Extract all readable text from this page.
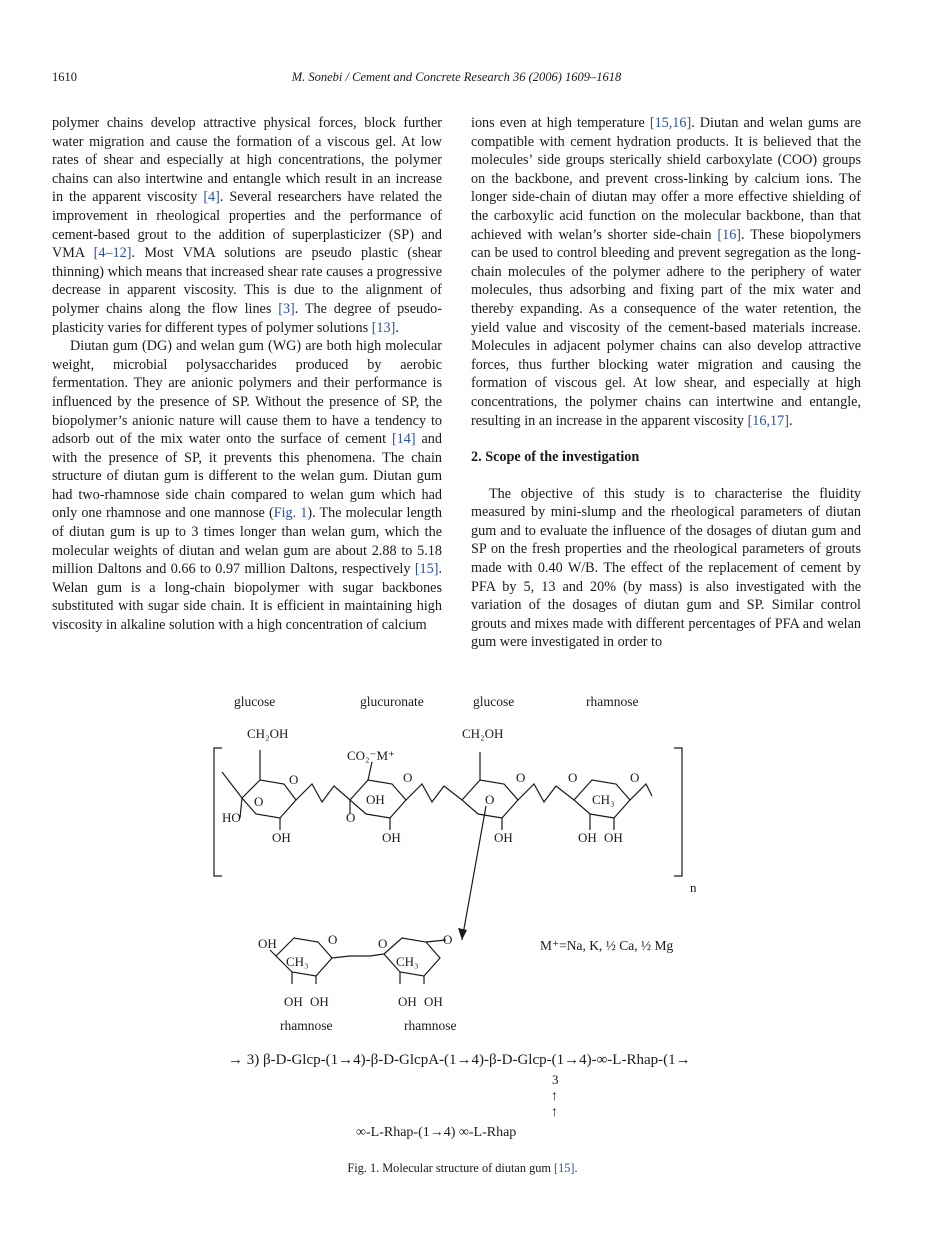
1610	M. Sonebi / Cement and Concrete Research 36 (2006) 1609–1618

polymer chains develop attractive physical forces, block further water migration and cause the formation of a viscous gel. At low rates of shear and especially at high concentrations, the polymer chains can also intertwine and entangle which result in an increase in the apparent viscosity [4]. Several researchers have related the improvement in rheological properties and the performance of cement-based grout to the addition of superplasticizer (SP) and VMA [4–12]. Most VMA solutions are pseudo plastic (shear thinning) which means that increased shear rate causes a progressive decrease in apparent viscosity. This is due to the alignment of polymer chains along the flow lines [3]. The degree of pseudo-plasticity varies for different types of polymer solutions [13].

Diutan gum (DG) and welan gum (WG) are both high molecular weight, microbial polysaccharides produced by aerobic fermentation. They are anionic polymers and their performance is influenced by the presence of SP. Without the presence of SP, the biopolymer’s anionic nature will cause them to have a tendency to adsorb out of the mix water onto the surface of cement [14] and with the presence of SP, it prevents this phenomena. The chain structure of diutan gum is different to the welan gum. Diutan gum had two-rhamnose side chain compared to welan gum which had only one rhamnose and one mannose (Fig. 1). The molecular length of diutan gum is up to 3 times longer than welan gum, which the molecular weights of diutan and welan gum are about 2.88 to 5.18 million Daltons and 0.66 to 0.97 million Daltons, respectively [15]. Welan gum is a long-chain biopolymer with sugar backbones substituted with sugar side chain. It is efficient in maintaining high viscosity in alkaline solution with a high concentration of calcium

ions even at high temperature [15,16]. Diutan and welan gums are compatible with cement hydration products. It is believed that the molecules’ side groups sterically shield carboxylate (COO) groups on the backbone, and prevent cross-linking by calcium ions. The longer side-chain of diutan may offer a more effective shielding of the carboxylic acid function on the molecular backbone, than that achieved with welan’s shorter side-chain [16]. These biopolymers can be used to control bleeding and prevent segregation as the long-chain molecules of the polymer adhere to the periphery of water molecules, thus adsorbing and fixing part of the mix water and thereby expanding. As a consequence of the water retention, the yield value and viscosity of the cement-based materials increase. Molecules in adjacent polymer chains can also develop attractive forces, thus further blocking water migration and causing the formation of viscous gel. At low shear, and especially at high concentrations, the polymer chains can intertwine and entangle, resulting in an increase in the apparent viscosity [16,17].

2. Scope of the investigation

The objective of this study is to characterise the fluidity measured by mini-slump and the rheological parameters of diutan gum and to evaluate the influence of the dosages of diutan gum and SP on the fresh properties and the rheological parameters of grouts made with 0.40 W/B. The effect of the replacement of cement by PFA by 5, 13 and 20% (by mass) is also investigated with the variation of the dosages of diutan gum and SP. Similar control grouts and mixes made with different percentages of PFA and welan gum were investigated in order to

glucose	glucuronate	glucose	rhamnose
n
CH₂OH
O
O
HO
OH
CO₂⁻M⁺
O
OH
O
OH
CH₂OH
O
O
OH
O	O
CH₃
OH OH
OH	O
CH₃
OH OH
O	O
CH₃
OH OH
rhamnose	rhamnose
M⁺=Na, K, ½ Ca, ½ Mg
→ 3) β-D-Glcp-(1→4)-β-D-GlcpA-(1→4)-β-D-Glcp-(1→4)-∞-L-Rhap-(1→
3
↑
↑
∞-L-Rhap-(1→4) ∞-L-Rhap
Fig. 1. Molecular structure of diutan gum [15].
